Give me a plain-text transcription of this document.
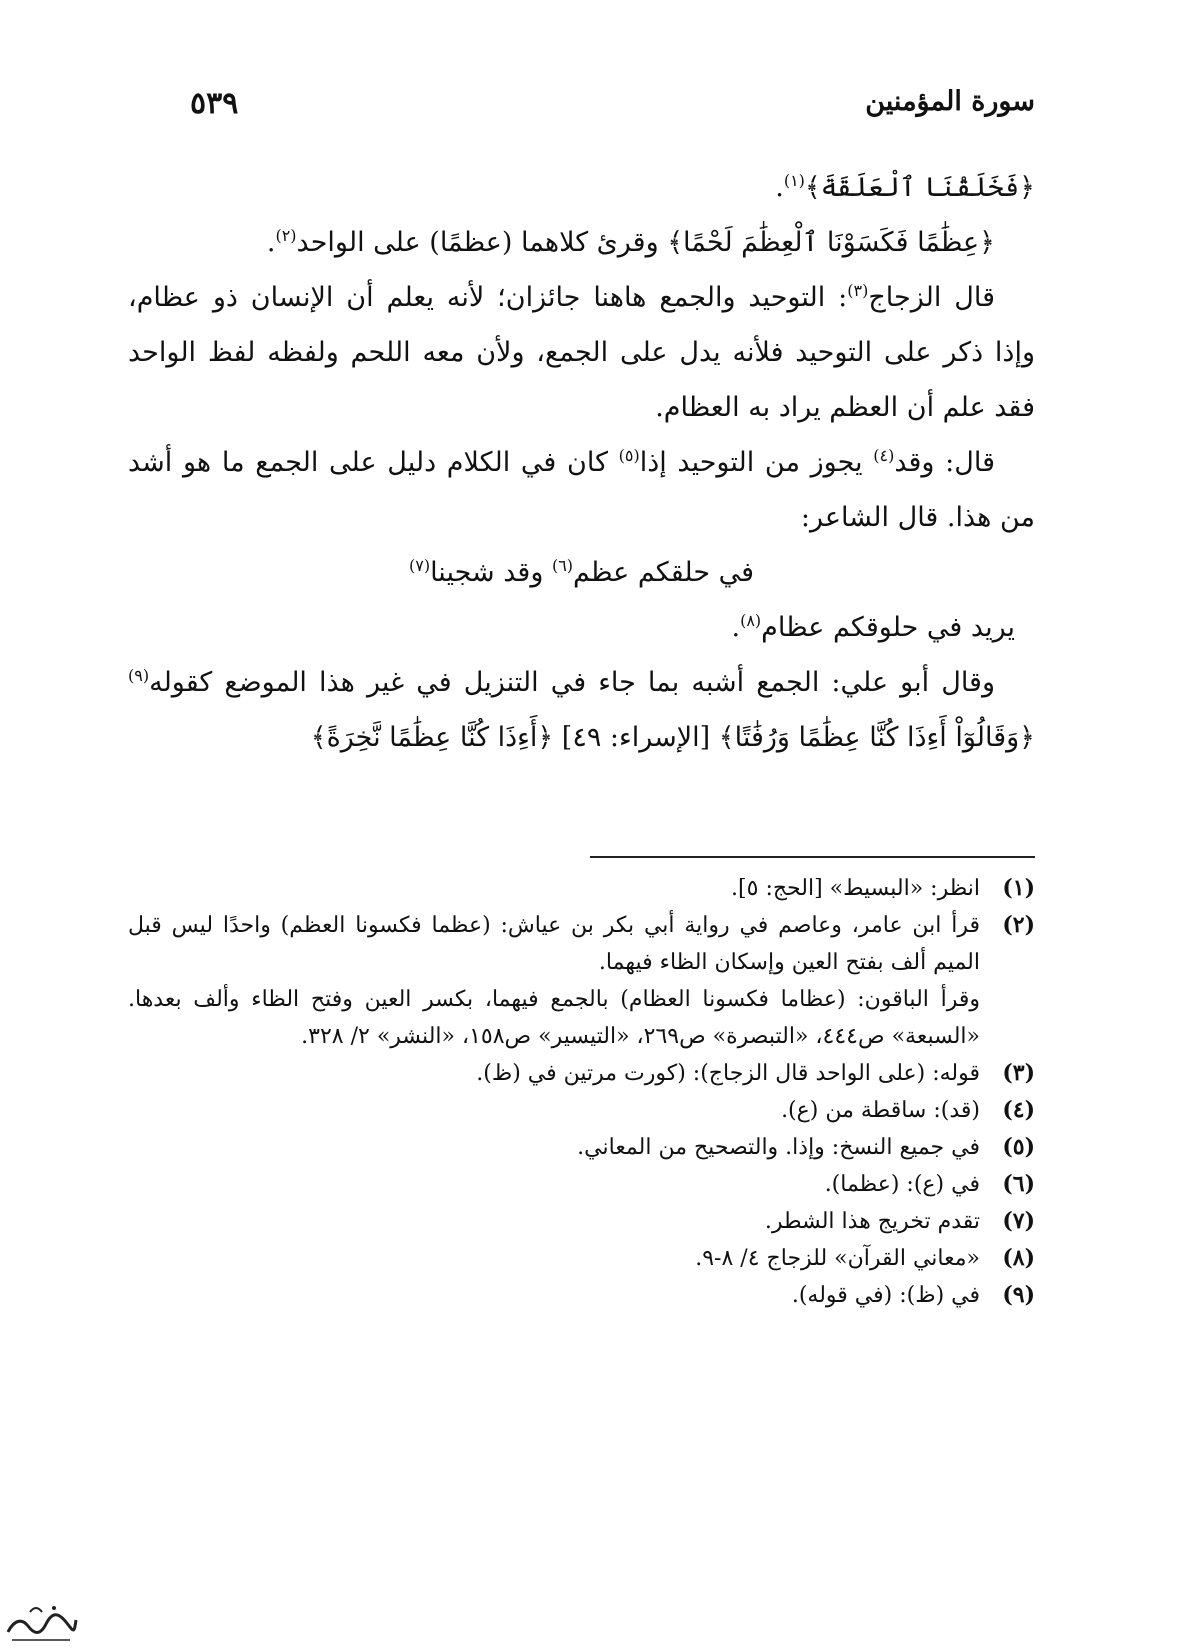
سورة المؤمنين
٥٣٩

﴿فَخَلَقْنَا ٱلْعَلَقَةَ﴾$^{(١)}$.

﴿عِظَٰمًا فَكَسَوْنَا ٱلْعِظَٰمَ لَحْمًا﴾ وقرئ كلاهما (عظمًا) على الواحد$^{(٢)}$.

قال الزجاج$^{(٣)}$: التوحيد والجمع هاهنا جائزان؛ لأنه يعلم أن الإنسان ذو عظام، وإذا ذكر على التوحيد فلأنه يدل على الجمع، ولأن معه اللحم ولفظه لفظ الواحد فقد علم أن العظم يراد به العظام.

قال: وقد$^{(٤)}$ يجوز من التوحيد إذا$^{(٥)}$ كان في الكلام دليل على الجمع ما هو أشد من هذا. قال الشاعر:

في حلقكم عظم$^{(٦)}$ وقد شجينا$^{(٧)}$

يريد في حلوقكم عظام$^{(٨)}$.

وقال أبو علي: الجمع أشبه بما جاء في التنزيل في غير هذا الموضع كقوله$^{(٩)}$ ﴿وَقَالُوٓاْ أَءِذَا كُنَّا عِظَٰمًا وَرُفَٰتًا﴾ [الإسراء: ٤٩] ﴿أَءِذَا كُنَّا عِظَٰمًا نَّخِرَةً﴾

(١)
انظر: «البسيط» [الحج: ٥].
(٢)
قرأ ابن عامر، وعاصم في رواية أبي بكر بن عياش: (عظما فكسونا العظم) واحدًا ليس قبل الميم ألف بفتح العين وإسكان الظاء فيهما.
وقرأ الباقون: (عظاما فكسونا العظام) بالجمع فيهما، بكسر العين وفتح الظاء وألف بعدها. «السبعة» ص٤٤٤، «التبصرة» ص٢٦٩، «التيسير» ص١٥٨، «النشر» ٢/ ٣٢٨.
(٣)
قوله: (على الواحد قال الزجاج): (كورت مرتين في (ظ).
(٤)
(قد): ساقطة من (ع).
(٥)
في جميع النسخ: وإذا. والتصحيح من المعاني.
(٦)
في (ع): (عظما).
(٧)
تقدم تخريج هذا الشطر.
(٨)
«معاني القرآن» للزجاج ٤/ ٨-٩.
(٩)
في (ظ): (في قوله).
